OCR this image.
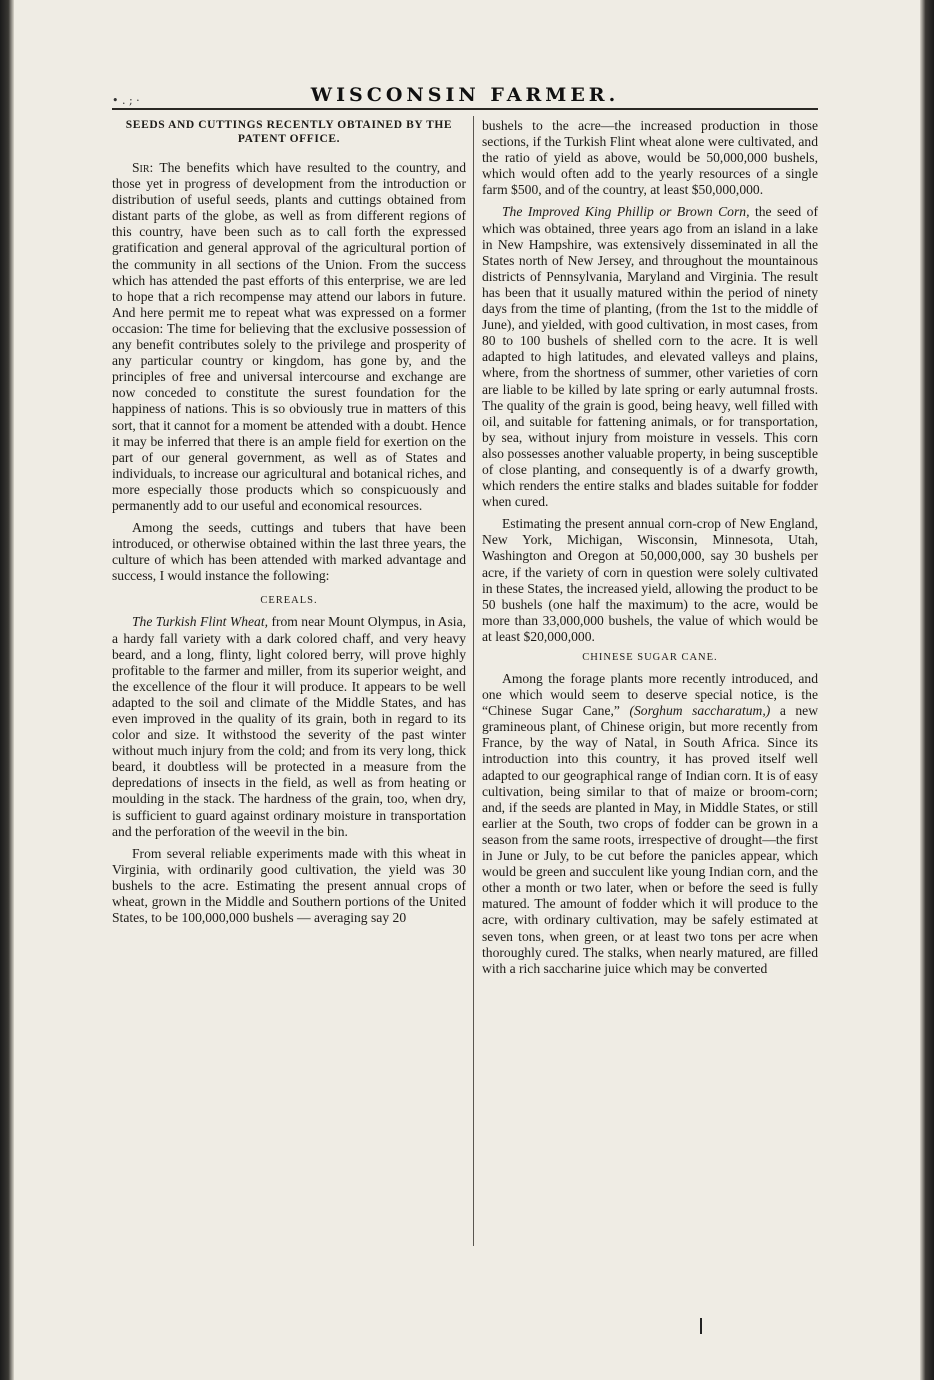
• . ; ·	WISCONSIN FARMER.
SEEDS AND CUTTINGS RECENTLY OBTAINED BY THE PATENT OFFICE.

Sir: The benefits which have resulted to the country, and those yet in progress of development from the introduction or distribution of useful seeds, plants and cuttings obtained from distant parts of the globe, as well as from different regions of this country, have been such as to call forth the expressed gratification and general approval of the agricultural portion of the community in all sections of the Union. From the success which has attended the past efforts of this enterprise, we are led to hope that a rich recompense may attend our labors in future. And here permit me to repeat what was expressed on a former occasion: The time for believing that the exclusive possession of any benefit contributes solely to the privilege and prosperity of any particular country or kingdom, has gone by, and the principles of free and universal intercourse and exchange are now conceded to constitute the surest foundation for the happiness of nations. This is so obviously true in matters of this sort, that it cannot for a moment be attended with a doubt. Hence it may be inferred that there is an ample field for exertion on the part of our general government, as well as of States and individuals, to increase our agricultural and botanical riches, and more especially those products which so conspicuously and permanently add to our useful and economical resources.

Among the seeds, cuttings and tubers that have been introduced, or otherwise obtained within the last three years, the culture of which has been attended with marked advantage and success, I would instance the following:

CEREALS.

The Turkish Flint Wheat, from near Mount Olympus, in Asia, a hardy fall variety with a dark colored chaff, and very heavy beard, and a long, flinty, light colored berry, will prove highly profitable to the farmer and miller, from its superior weight, and the excellence of the flour it will produce. It appears to be well adapted to the soil and climate of the Middle States, and has even improved in the quality of its grain, both in regard to its color and size. It withstood the severity of the past winter without much injury from the cold; and from its very long, thick beard, it doubtless will be protected in a measure from the depredations of insects in the field, as well as from heating or moulding in the stack. The hardness of the grain, too, when dry, is sufficient to guard against ordinary moisture in transportation and the perforation of the weevil in the bin.

From several reliable experiments made with this wheat in Virginia, with ordinarily good cultivation, the yield was 30 bushels to the acre. Estimating the present annual crops of wheat, grown in the Middle and Southern portions of the United States, to be 100,000,000 bushels — averaging say 20

bushels to the acre—the increased production in those sections, if the Turkish Flint wheat alone were cultivated, and the ratio of yield as above, would be 50,000,000 bushels, which would often add to the yearly resources of a single farm $500, and of the country, at least $50,000,000.

The Improved King Phillip or Brown Corn, the seed of which was obtained, three years ago from an island in a lake in New Hampshire, was extensively disseminated in all the States north of New Jersey, and throughout the mountainous districts of Pennsylvania, Maryland and Virginia. The result has been that it usually matured within the period of ninety days from the time of planting, (from the 1st to the middle of June), and yielded, with good cultivation, in most cases, from 80 to 100 bushels of shelled corn to the acre. It is well adapted to high latitudes, and elevated valleys and plains, where, from the shortness of summer, other varieties of corn are liable to be killed by late spring or early autumnal frosts. The quality of the grain is good, being heavy, well filled with oil, and suitable for fattening animals, or for transportation, by sea, without injury from moisture in vessels. This corn also possesses another valuable property, in being susceptible of close planting, and consequently is of a dwarfy growth, which renders the entire stalks and blades suitable for fodder when cured.

Estimating the present annual corn-crop of New England, New York, Michigan, Wisconsin, Minnesota, Utah, Washington and Oregon at 50,000,000, say 30 bushels per acre, if the variety of corn in question were solely cultivated in these States, the increased yield, allowing the product to be 50 bushels (one half the maximum) to the acre, would be more than 33,000,000 bushels, the value of which would be at least $20,000,000.

CHINESE SUGAR CANE.

Among the forage plants more recently introduced, and one which would seem to deserve special notice, is the “Chinese Sugar Cane,” (Sorghum saccharatum,) a new gramineous plant, of Chinese origin, but more recently from France, by the way of Natal, in South Africa. Since its introduction into this country, it has proved itself well adapted to our geographical range of Indian corn. It is of easy cultivation, being similar to that of maize or broom-corn; and, if the seeds are planted in May, in Middle States, or still earlier at the South, two crops of fodder can be grown in a season from the same roots, irrespective of drought—the first in June or July, to be cut before the panicles appear, which would be green and succulent like young Indian corn, and the other a month or two later, when or before the seed is fully matured. The amount of fodder which it will produce to the acre, with ordinary cultivation, may be safely estimated at seven tons, when green, or at least two tons per acre when thoroughly cured. The stalks, when nearly matured, are filled with a rich saccharine juice which may be converted
